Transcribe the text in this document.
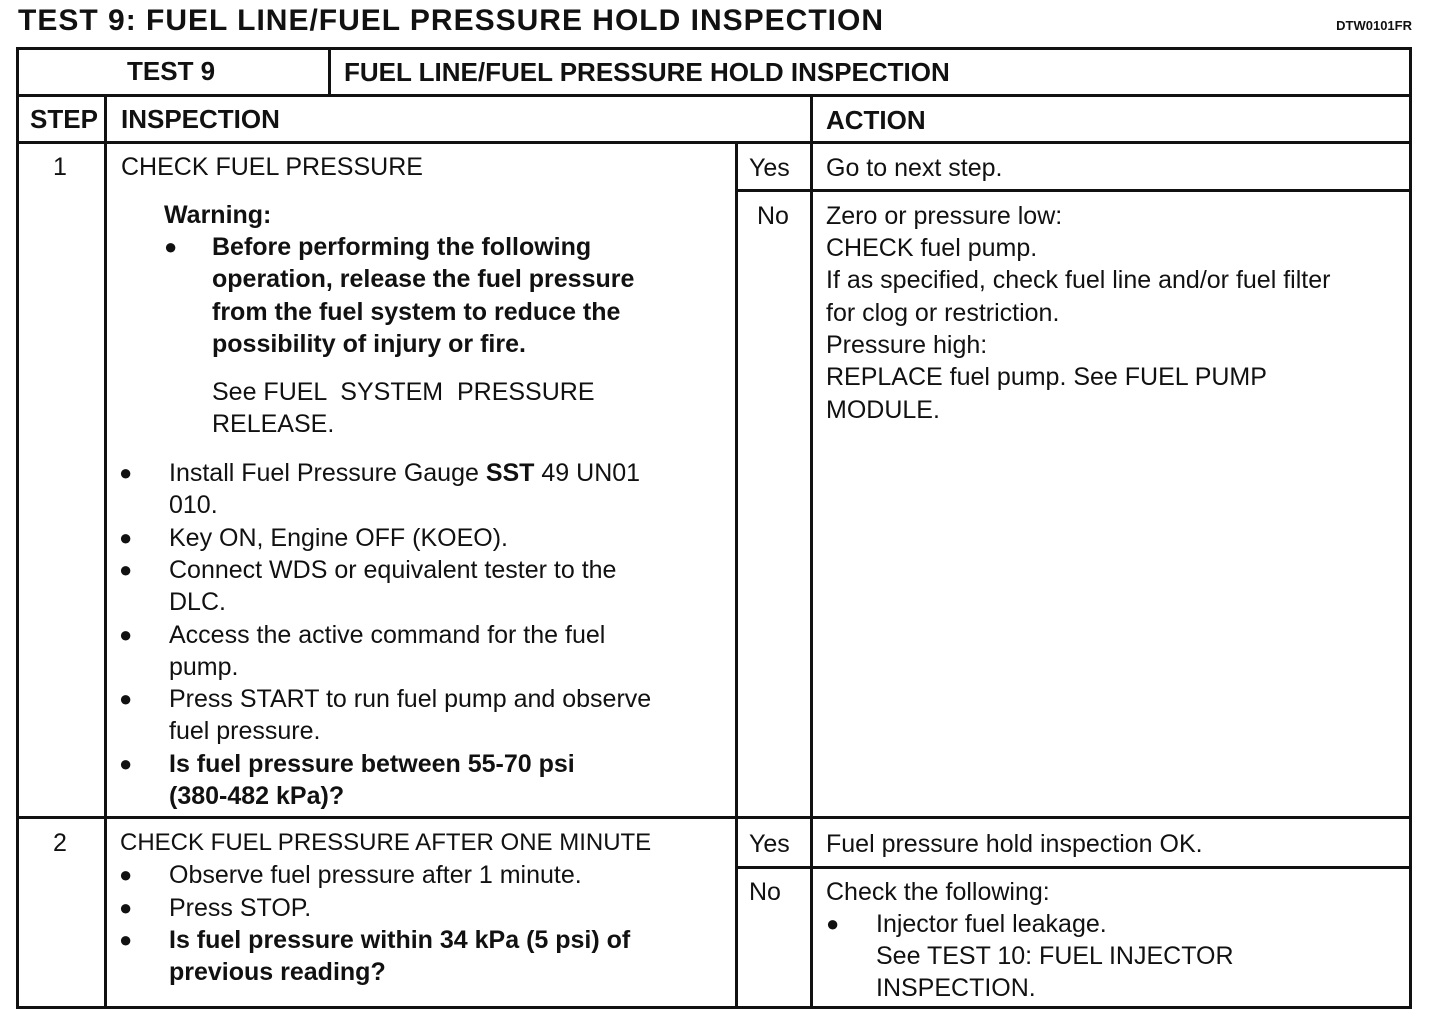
TEST 9: FUEL LINE/FUEL PRESSURE HOLD INSPECTION	DTW0101FR
TEST 9	FUEL LINE/FUEL PRESSURE HOLD INSPECTION
STEP INSPECTION	ACTION
1 CHECK FUEL PRESSURE
Warning:
● Before performing the following
operation, release the fuel pressure
from the fuel system to reduce the
possibility of injury or fire.
See FUEL  SYSTEM  PRESSURE
RELEASE.
● Install Fuel Pressure Gauge SST 49 UN01
010.
● Key ON, Engine OFF (KOEO).
● Connect WDS or equivalent tester to the
DLC.
● Access the active command for the fuel
pump.
● Press START to run fuel pump and observe
fuel pressure.
● Is fuel pressure between 55-70 psi
(380-482 kPa)?
Yes Go to next step.
No Zero or pressure low:
CHECK fuel pump.
If as specified, check fuel line and/or fuel filter
for clog or restriction.
Pressure high:
REPLACE fuel pump. See FUEL PUMP
MODULE.
2 CHECK FUEL PRESSURE AFTER ONE MINUTE
● Observe fuel pressure after 1 minute.
● Press STOP.
● Is fuel pressure within 34 kPa (5 psi) of
previous reading?
Yes Fuel pressure hold inspection OK.
No Check the following:
● Injector fuel leakage.
See TEST 10: FUEL INJECTOR
INSPECTION.
